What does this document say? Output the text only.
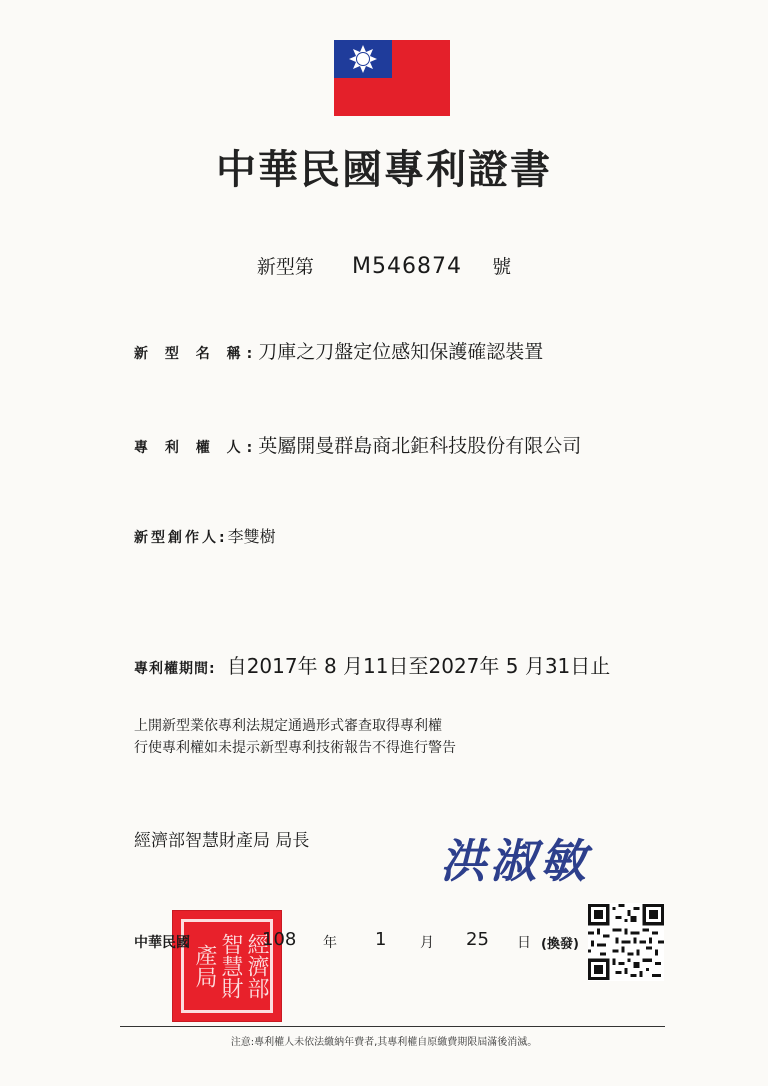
中華民國專利證書
新型第 M546874 號
新 型 名 稱:刀庫之刀盤定位感知保護確認裝置
專 利 權 人:英屬開曼群島商北鉅科技股份有限公司
新型創作人:李雙樹
專利權期間: 自2017年 8 月11日至2027年 5 月31日止
上開新型業依專利法規定通過形式審查取得專利權
行使專利權如未提示新型專利技術報告不得進行警告
經濟部智慧財產局 局長	洪淑敏
經濟部智慧財產局
中華民國	108 年 1 月 25 日 (換發)
注意:專利權人未依法繳納年費者,其專利權自原繳費期限屆滿後消滅。
